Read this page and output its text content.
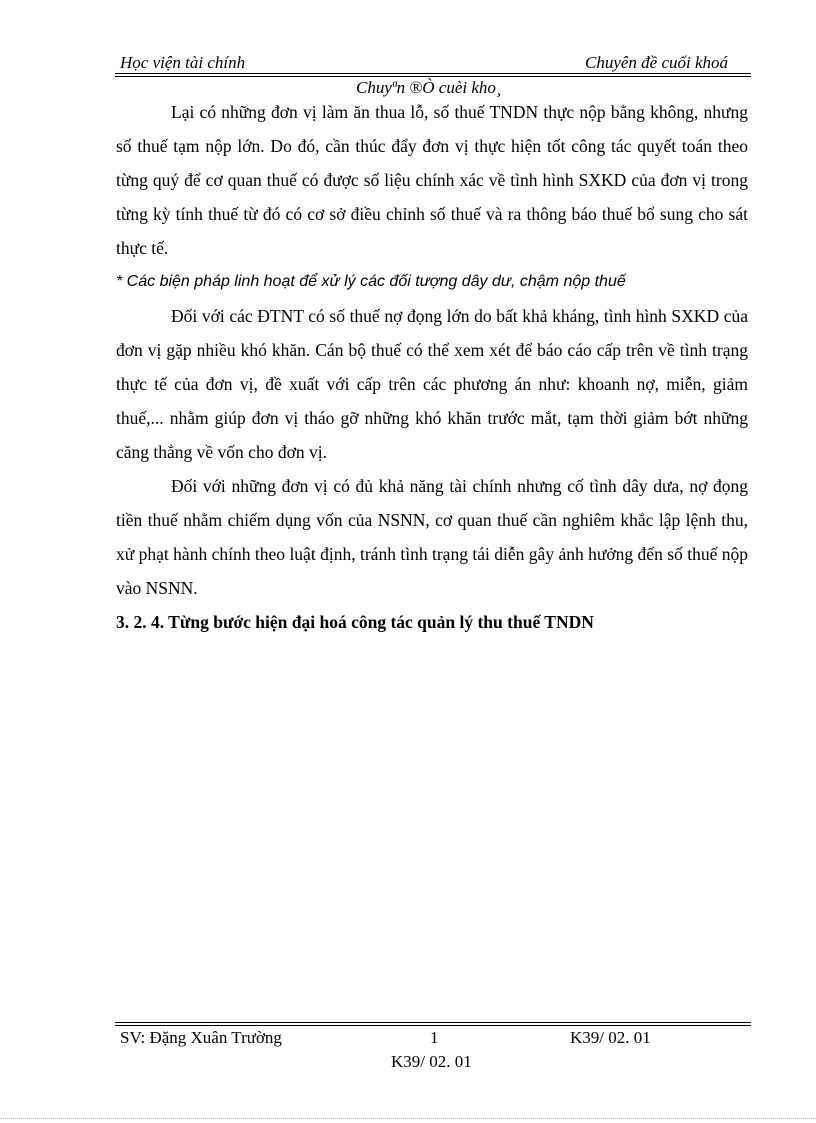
Học viện tài chính	Chuyên đề cuối khoá
Chuyªn ®Ò cuèi kho¸

Lại có những đơn vị làm ăn thua lỗ, số thuế TNDN thực nộp bằng không, nhưng số thuế tạm nộp lớn. Do đó, cần thúc đẩy đơn vị thực hiện tốt công tác quyết toán theo từng quý để cơ quan thuế có được số liệu chính xác về tình hình SXKD của đơn vị trong từng kỳ tính thuế từ đó có cơ sở điều chỉnh số thuế và ra thông báo thuế bổ sung cho sát thực tế.

* Các biện pháp linh hoạt để xử lý các đối tượng dây dư, chậm nộp thuế

Đối với các ĐTNT có số thuế nợ đọng lớn do bất khả kháng, tình hình SXKD của đơn vị gặp nhiều khó khăn. Cán bộ thuế có thể xem xét để báo cáo cấp trên về tình trạng thực tế của đơn vị, đề xuất với cấp trên các phương án như: khoanh nợ, miễn, giảm thuế,... nhằm giúp đơn vị tháo gỡ những khó khăn trước mắt, tạm thời giảm bớt những căng thẳng về vốn cho đơn vị.

Đối với những đơn vị có đủ khả năng tài chính nhưng cố tình dây dưa, nợ đọng tiền thuế nhằm chiếm dụng vốn của NSNN, cơ quan thuế cần nghiêm khắc lập lệnh thu, xử phạt hành chính theo luật định, tránh tình trạng tái diễn gây ảnh hưởng đến số thuế nộp vào NSNN.

3. 2. 4. Từng bước hiện đại hoá công tác quản lý thu thuế TNDN

SV: Đặng Xuân Trường	1	K39/ 02. 01
K39/ 02. 01
